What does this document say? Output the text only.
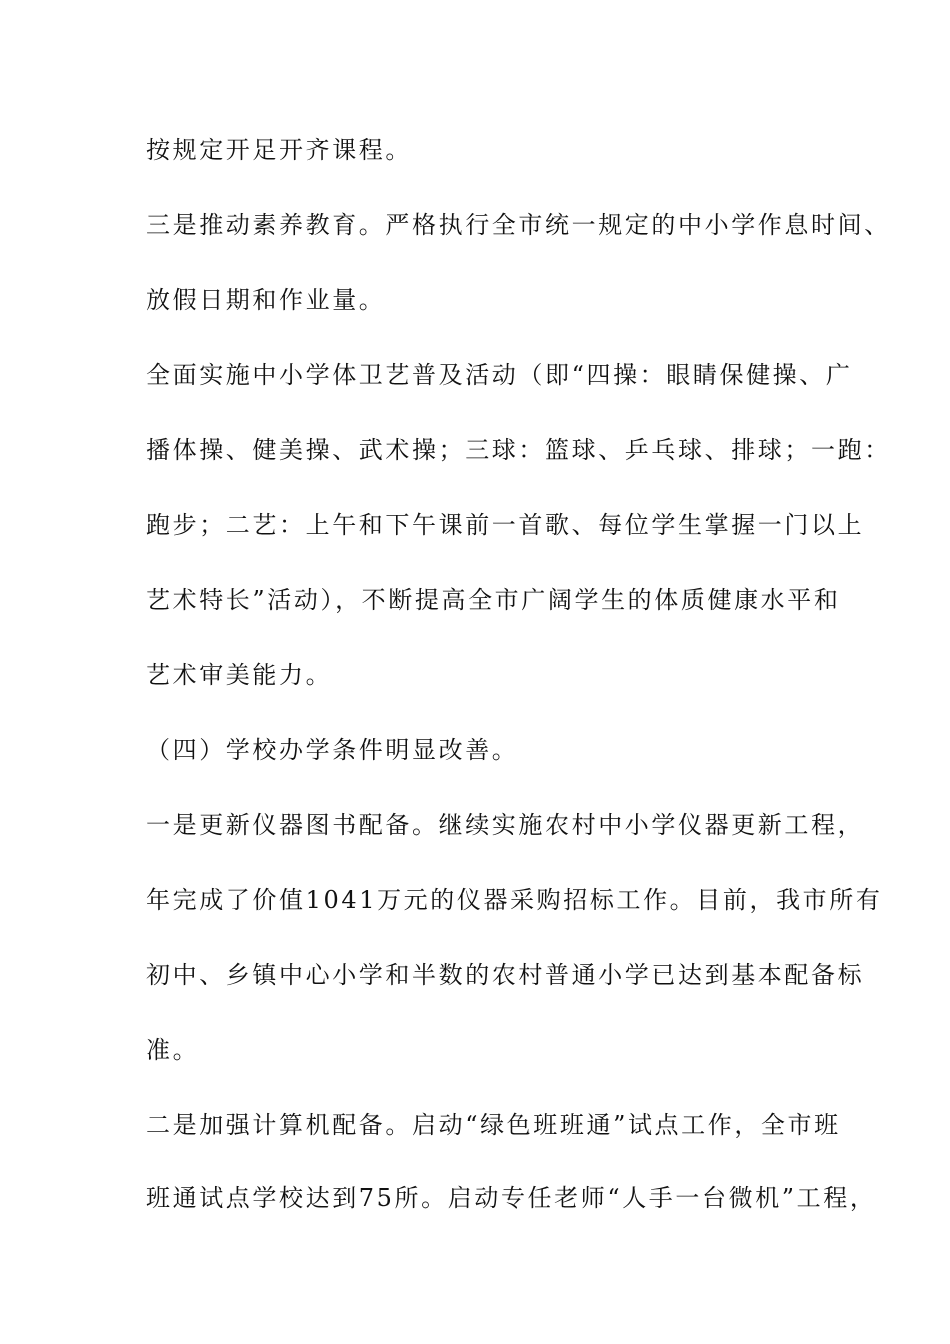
按规定开足开齐课程。
三是推动素养教育。严格执行全市统一规定的中小学作息时间、
放假日期和作业量。
全面实施中小学体卫艺普及活动（即“四操：眼睛保健操、广
播体操、健美操、武术操；三球：篮球、乒乓球、排球；一跑：
跑步；二艺：上午和下午课前一首歌、每位学生掌握一门以上
艺术特长”活动），不断提高全市广阔学生的体质健康水平和
艺术审美能力。
（四）学校办学条件明显改善。
一是更新仪器图书配备。继续实施农村中小学仪器更新工程，
年完成了价值1041万元的仪器采购招标工作。目前，我市所有
初中、乡镇中心小学和半数的农村普通小学已达到基本配备标
准。
二是加强计算机配备。启动“绿色班班通”试点工作，全市班
班通试点学校达到75所。启动专任老师“人手一台微机”工程，
